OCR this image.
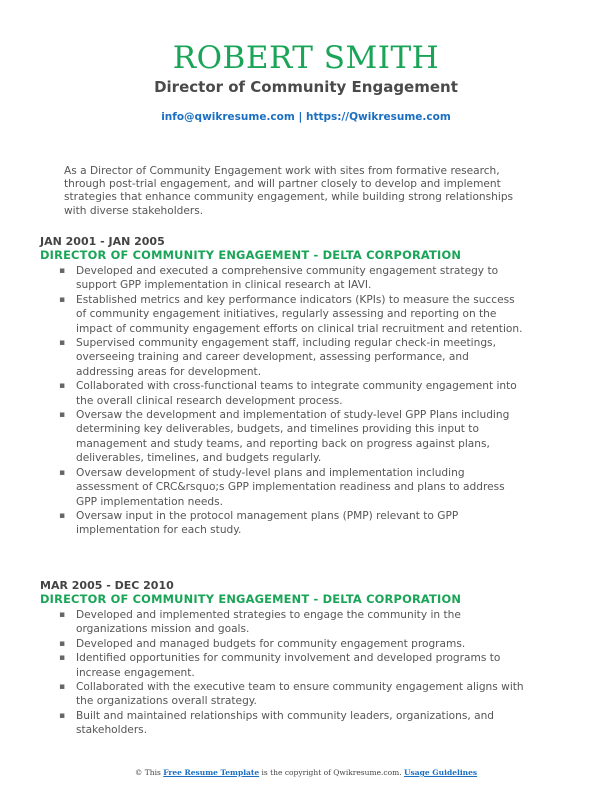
ROBERT SMITH
Director of Community Engagement
info@qwikresume.com | https://Qwikresume.com
As a Director of Community Engagement work with sites from formative research, through post-trial engagement, and will partner closely to develop and implement strategies that enhance community engagement, while building strong relationships with diverse stakeholders.
JAN 2001 - JAN 2005
DIRECTOR OF COMMUNITY ENGAGEMENT - DELTA CORPORATION
▪ Developed and executed a comprehensive community engagement strategy to support GPP implementation in clinical research at IAVI.
▪ Established metrics and key performance indicators (KPIs) to measure the success of community engagement initiatives, regularly assessing and reporting on the impact of community engagement efforts on clinical trial recruitment and retention.
▪ Supervised community engagement staff, including regular check-in meetings, overseeing training and career development, assessing performance, and addressing areas for development.
▪ Collaborated with cross-functional teams to integrate community engagement into the overall clinical research development process.
▪ Oversaw the development and implementation of study-level GPP Plans including determining key deliverables, budgets, and timelines providing this input to management and study teams, and reporting back on progress against plans, deliverables, timelines, and budgets regularly.
▪ Oversaw development of study-level plans and implementation including assessment of CRC&rsquo;s GPP implementation readiness and plans to address GPP implementation needs.
▪ Oversaw input in the protocol management plans (PMP) relevant to GPP implementation for each study.
MAR 2005 - DEC 2010
DIRECTOR OF COMMUNITY ENGAGEMENT - DELTA CORPORATION
▪ Developed and implemented strategies to engage the community in the organizations mission and goals.
▪ Developed and managed budgets for community engagement programs.
▪ Identified opportunities for community involvement and developed programs to increase engagement.
▪ Collaborated with the executive team to ensure community engagement aligns with the organizations overall strategy.
▪ Built and maintained relationships with community leaders, organizations, and stakeholders.
© This Free Resume Template is the copyright of Qwikresume.com. Usage Guidelines
